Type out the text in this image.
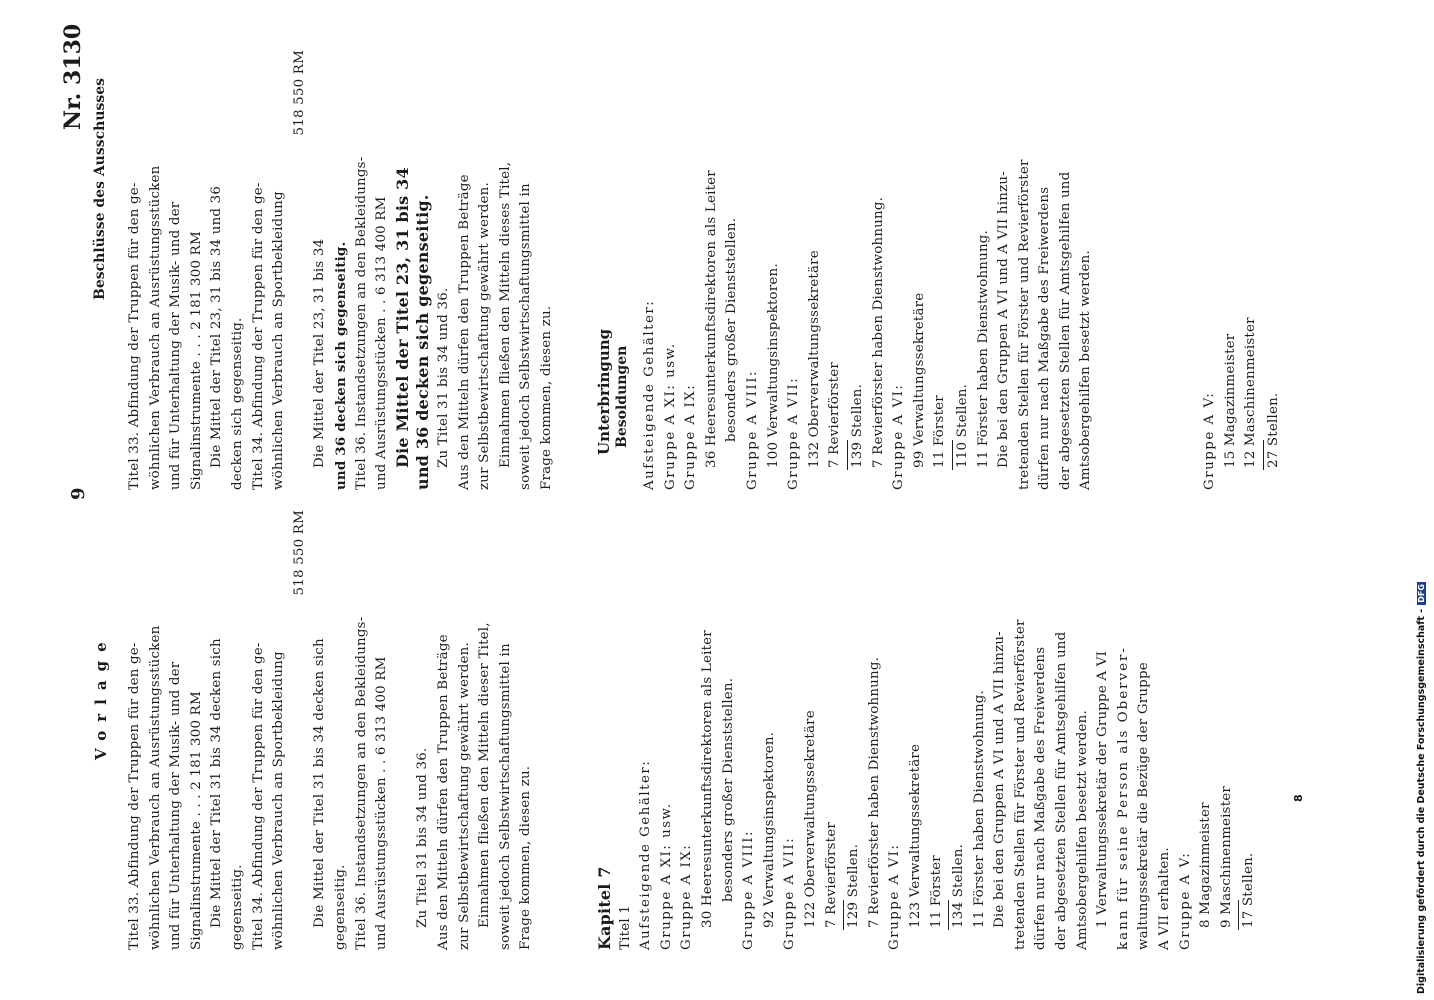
Vorlage
9
Beschlüsse des Ausschusses
Nr. 3130

Titel 33. Abfindung der Truppen für den ge- wöhnlichen Verbrauch an Ausrüstungsstücken und für Unterhaltung der Musik- und der Signalinstrumente . . . 2 181 300 RM Die Mittel der Titel 31 bis 34 decken sich gegenseitig. Titel 34. Abfindung der Truppen für den ge- wöhnlichen Verbrauch an Sportbekleidung

518 550 RM

Die Mittel der Titel 31 bis 34 decken sich gegenseitig. Titel 36. Instandsetzungen an den Bekleidungs- und Ausrüstungsstücken . . 6 313 400 RM

Zu Titel 31 bis 34 und 36. Aus den Mitteln dürfen den Truppen Beträge zur Selbstbewirtschaftung gewährt werden. Einnahmen fließen den Mitteln dieser Titel, soweit jedoch Selbstwirtschaftungsmittel in Frage kommen, diesen zu.

Titel 33. Abfindung der Truppen für den ge- wöhnlichen Verbrauch an Ausrüstungsstücken und für Unterhaltung der Musik- und der Signalinstrumente . . . 2 181 300 RM Die Mittel der Titel 23, 31 bis 34 und 36 decken sich gegenseitig. Titel 34. Abfindung der Truppen für den ge- wöhnlichen Verbrauch an Sportbekleidung

518 550 RM

Die Mittel der Titel 23, 31 bis 34 und 36 decken sich gegenseitig. Titel 36. Instandsetzungen an den Bekleidungs- und Ausrüstungsstücken . . 6 313 400 RM Die Mittel der Titel 23, 31 bis 34 und 36 decken sich gegenseitig. Zu Titel 31 bis 34 und 36. Aus den Mitteln dürfen den Truppen Beträge zur Selbstbewirtschaftung gewährt werden. Einnahmen fließen den Mitteln dieses Titel, soweit jedoch Selbstwirtschaftungsmittel in Frage kommen, diesen zu.	Unterbringung Besoldungen

Kapitel 7 Titel 1 Aufsteigende Gehälter: Gruppe A XI: usw. Gruppe A IX: 30 Heeresunterkunftsdirektoren als Leiter besonders großer Dienststellen. Gruppe A VIII: 92 Verwaltungsinspektoren. Gruppe A VII: 122 Oberverwaltungssekretäre 7 Revierförster 129 Stellen. 7 Revierförster haben Dienstwohnung. Gruppe A VI: 123 Verwaltungssekretäre 11 Förster 134 Stellen. 11 Förster haben Dienstwohnung. Die bei den Gruppen A VI und A VII hinzu- tretenden Stellen für Förster und Revierförster dürfen nur nach Maßgabe des Freiwerdens der abgesetzten Stellen für Amtsgehilfen und Amtsobergehilfen besetzt werden. 1 Verwaltungssekretär der Gruppe A VI kann für seine Person als Oberver- waltungssekretär die Bezüge der Gruppe A VII erhalten. Gruppe A V: 8 Magazinmeister 9 Maschinenmeister 17 Stellen.

Aufsteigende Gehälter: Gruppe A XI: usw. Gruppe A IX: 36 Heeresunterkunftsdirektoren als Leiter besonders großer Dienststellen. Gruppe A VIII: 100 Verwaltungsinspektoren. Gruppe A VII: 132 Oberverwaltungssekretäre 7 Revierförster 139 Stellen. 7 Revierförster haben Dienstwohnung. Gruppe A VI: 99 Verwaltungssekretäre 11 Förster 110 Stellen. 11 Förster haben Dienstwohnung. Die bei den Gruppen A VI und A VII hinzu- tretenden Stellen für Förster und Revierförster dürfen nur nach Maßgabe des Freiwerdens der abgesetzten Stellen für Amtsgehilfen und Amtsobergehilfen besetzt werden.

	Gruppe A V: 15 Magazinmeister 12 Maschinenmeister 27 Stellen.

8	Digitalisierung gefördert durch die Deutsche Forschungsgemeinschaft -DFG
